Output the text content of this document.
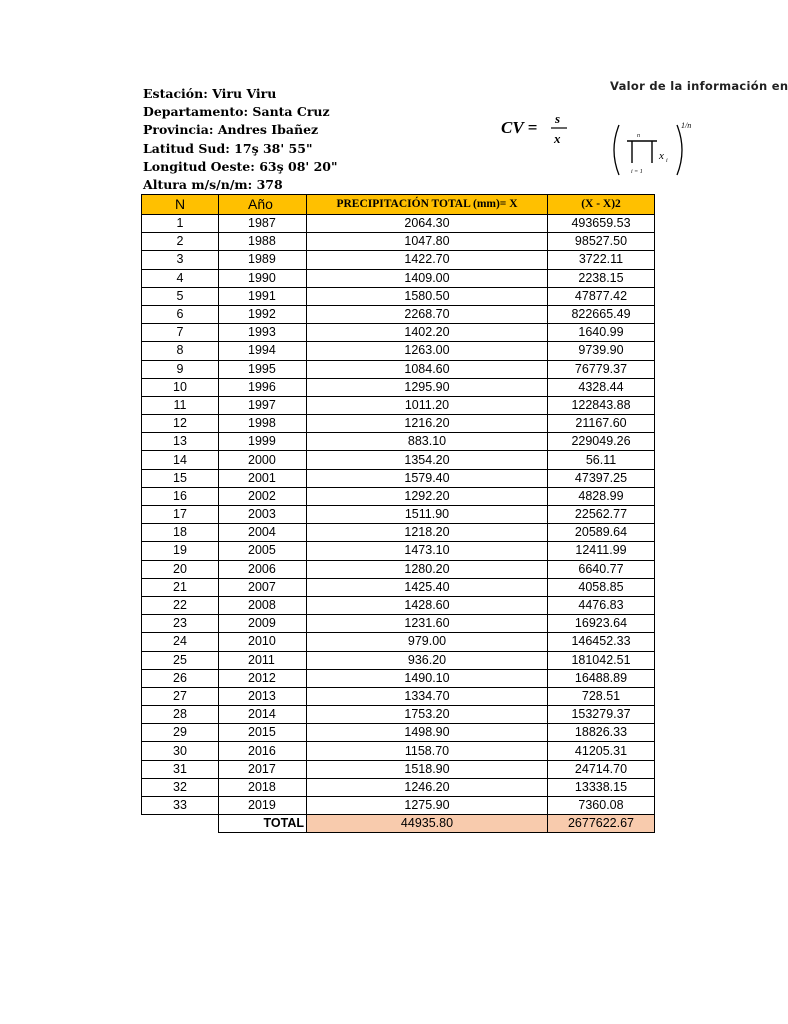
Estación: Viru Viru
Departamento: Santa Cruz
Provincia: Andres Ibañez
Latitud Sud: 17ş 38' 55"
Longitud Oeste: 63ş 08' 20"
Altura m/s/n/m: 378
Valor de la información en
CV = s
x	n
x i
i = 1
1/n
N	Año	PRECIPITACIÓN TOTAL (mm)= X	(X - X)2
1	1987	2064.30	493659.53
2	1988	1047.80	98527.50
3	1989	1422.70	3722.11
4	1990	1409.00	2238.15
5	1991	1580.50	47877.42
6	1992	2268.70	822665.49
7	1993	1402.20	1640.99
8	1994	1263.00	9739.90
9	1995	1084.60	76779.37
10	1996	1295.90	4328.44
11	1997	1011.20	122843.88
12	1998	1216.20	21167.60
13	1999	883.10	229049.26
14	2000	1354.20	56.11
15	2001	1579.40	47397.25
16	2002	1292.20	4828.99
17	2003	1511.90	22562.77
18	2004	1218.20	20589.64
19	2005	1473.10	12411.99
20	2006	1280.20	6640.77
21	2007	1425.40	4058.85
22	2008	1428.60	4476.83
23	2009	1231.60	16923.64
24	2010	979.00	146452.33
25	2011	936.20	181042.51
26	2012	1490.10	16488.89
27	2013	1334.70	728.51
28	2014	1753.20	153279.37
29	2015	1498.90	18826.33
30	2016	1158.70	41205.31
31	2017	1518.90	24714.70
32	2018	1246.20	13338.15
33	2019	1275.90	7360.08
	TOTAL	44935.80	2677622.67
